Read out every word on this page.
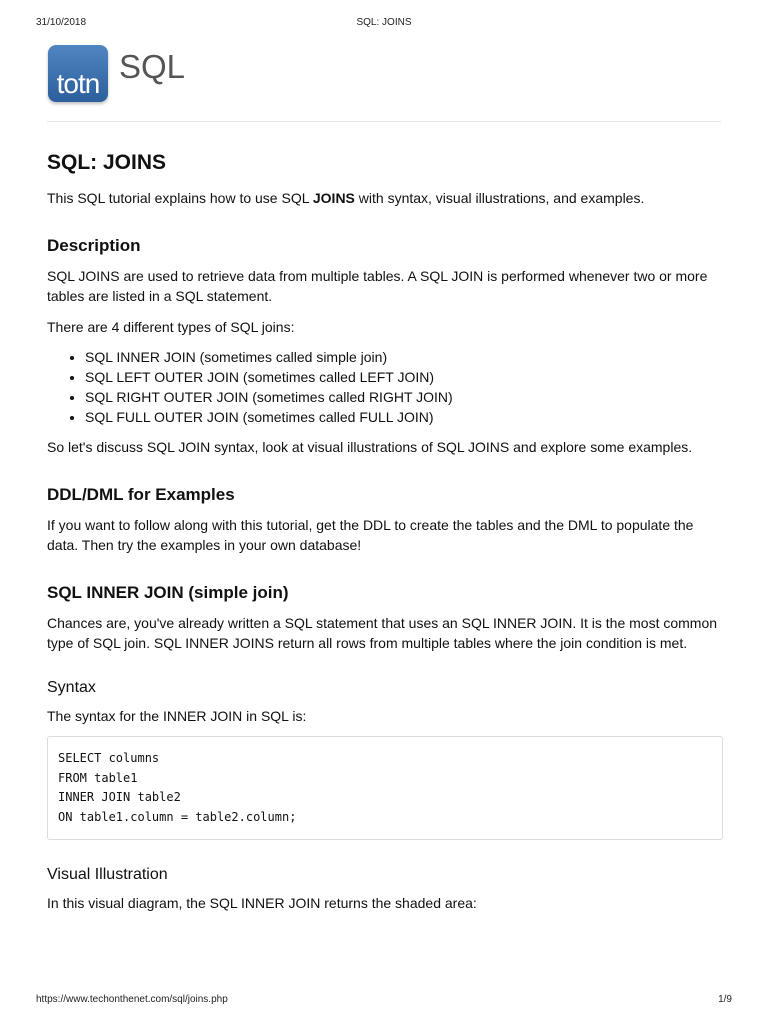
31/10/2018	SQL: JOINS
totn SQL
SQL: JOINS

This SQL tutorial explains how to use SQL JOINS with syntax, visual illustrations, and examples.

Description

SQL JOINS are used to retrieve data from multiple tables. A SQL JOIN is performed whenever two or more tables are listed in a SQL statement.

There are 4 different types of SQL joins:

• SQL INNER JOIN (sometimes called simple join)
• SQL LEFT OUTER JOIN (sometimes called LEFT JOIN)
• SQL RIGHT OUTER JOIN (sometimes called RIGHT JOIN)
• SQL FULL OUTER JOIN (sometimes called FULL JOIN)

So let's discuss SQL JOIN syntax, look at visual illustrations of SQL JOINS and explore some examples.

DDL/DML for Examples

If you want to follow along with this tutorial, get the DDL to create the tables and the DML to populate the data. Then try the examples in your own database!

SQL INNER JOIN (simple join)

Chances are, you've already written a SQL statement that uses an SQL INNER JOIN. It is the most common type of SQL join. SQL INNER JOINS return all rows from multiple tables where the join condition is met.

Syntax

The syntax for the INNER JOIN in SQL is:

SELECT columns
FROM table1
INNER JOIN table2
ON table1.column = table2.column;
Visual Illustration

In this visual diagram, the SQL INNER JOIN returns the shaded area:

https://www.techonthenet.com/sql/joins.php	1/9
